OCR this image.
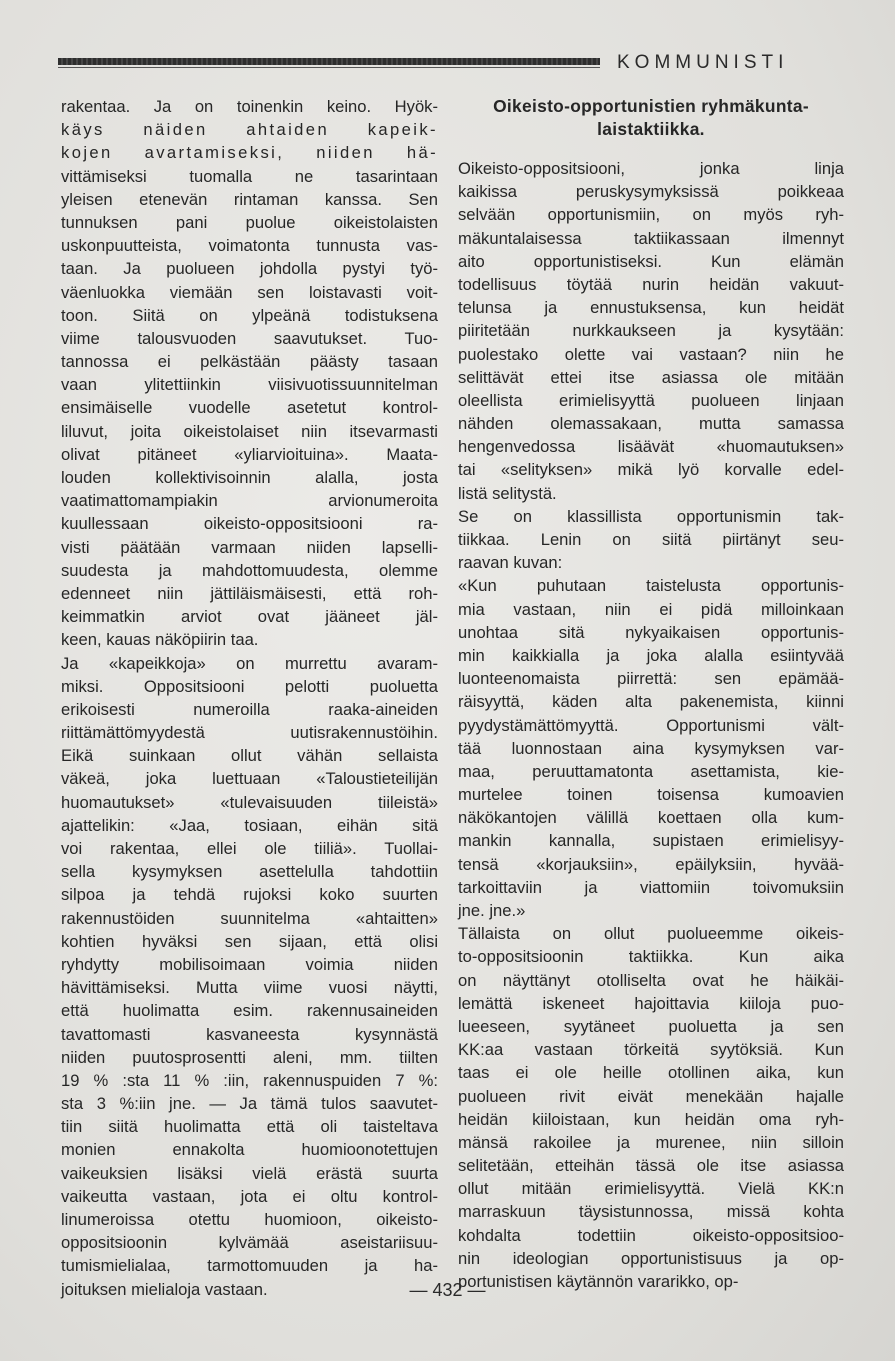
KOMMUNISTI
rakentaa. Ja on toinenkin keino. Hyök-
käys näiden ahtaiden kapeik-
kojen avartamiseksi, niiden hä-
vittämiseksi tuomalla ne tasarintaan
yleisen etenevän rintaman kanssa. Sen
tunnuksen pani puolue oikeistolaisten
uskonpuutteista, voimatonta tunnusta vas-
taan. Ja puolueen johdolla pystyi työ-
väenluokka viemään sen loistavasti voit-
toon. Siitä on ylpeänä todistuksena
viime talousvuoden saavutukset. Tuo-
tannossa ei pelkästään päästy tasaan
vaan ylitettiinkin viisivuotissuunnitelman
ensimäiselle vuodelle asetetut kontrol-
liluvut, joita oikeistolaiset niin itsevarmasti
olivat pitäneet «yliarvioituina». Maata-
louden kollektivisoinnin alalla, josta
vaatimattomampiakin arvionumeroita
kuullessaan oikeisto-oppositsiooni ra-
visti päätään varmaan niiden lapselli-
suudesta ja mahdottomuudesta, olemme
edenneet niin jättiläismäisesti, että roh-
keimmatkin arviot ovat jääneet jäl-
keen, kauas näköpiirin taa.
Ja «kapeikkoja» on murrettu avaram-
miksi. Oppositsiooni pelotti puoluetta
erikoisesti numeroilla raaka-aineiden
riittämättömyydestä uutisrakennustöihin.
Eikä suinkaan ollut vähän sellaista
väkeä, joka luettuaan «Taloustieteilijän
huomautukset» «tulevaisuuden tiileistä»
ajattelikin: «Jaa, tosiaan, eihän sitä
voi rakentaa, ellei ole tiiliä». Tuollai-
sella kysymyksen asettelulla tahdottiin
silpoa ja tehdä rujoksi koko suurten
rakennustöiden suunnitelma «ahtaitten»
kohtien hyväksi sen sijaan, että olisi
ryhdytty mobilisoimaan voimia niiden
hävittämiseksi. Mutta viime vuosi näytti,
että huolimatta esim. rakennusaineiden
tavattomasti kasvaneesta kysynnästä
niiden puutosprosentti aleni, mm. tiilten
19 % :sta 11 % :iin, rakennuspuiden 7 %:
sta 3 %:iin jne. — Ja tämä tulos saavutet-
tiin siitä huolimatta että oli taisteltava
monien ennakolta huomioonotettujen
vaikeuksien lisäksi vielä erästä suurta
vaikeutta vastaan, jota ei oltu kontrol-
linumeroissa otettu huomioon, oikeisto-
oppositsioonin kylvämää aseistariisuu-
tumismielialaa, tarmottomuuden ja ha-
joituksen mielialoja vastaan.
Oikeisto-opportunistien ryhmäkunta-
laistaktiikka.
Oikeisto-oppositsiooni, jonka linja
kaikissa peruskysymyksissä poikkeaa
selvään opportunismiin, on myös ryh-
mäkuntalaisessa taktiikassaan ilmennyt
aito opportunistiseksi. Kun elämän
todellisuus töytää nurin heidän vakuut-
telunsa ja ennustuksensa, kun heidät
piiritetään nurkkaukseen ja kysytään:
puolestako olette vai vastaan? niin he
selittävät ettei itse asiassa ole mitään
oleellista erimielisyyttä puolueen linjaan
nähden olemassakaan, mutta samassa
hengenvedossa lisäävät «huomautuksen»
tai «selityksen» mikä lyö korvalle edel-
listä selitystä.
Se on klassillista opportunismin tak-
tiikkaa. Lenin on siitä piirtänyt seu-
raavan kuvan:
«Kun puhutaan taistelusta opportunis-
mia vastaan, niin ei pidä milloinkaan
unohtaa sitä nykyaikaisen opportunis-
min kaikkialla ja joka alalla esiintyvää
luonteenomaista piirrettä: sen epämää-
räisyyttä, käden alta pakenemista, kiinni
pyydystämättömyyttä. Opportunismi vält-
tää luonnostaan aina kysymyksen var-
maa, peruuttamatonta asettamista, kie-
murtelee toinen toisensa kumoavien
näkökantojen välillä koettaen olla kum-
mankin kannalla, supistaen erimielisyy-
tensä «korjauksiin», epäilyksiin, hyvää-
tarkoittaviin ja viattomiin toivomuksiin
jne. jne.»
Tällaista on ollut puolueemme oikeis-
to-oppositsioonin taktiikka. Kun aika
on näyttänyt otolliselta ovat he häikäi-
lemättä iskeneet hajoittavia kiiloja puo-
lueeseen, syytäneet puoluetta ja sen
KK:aa vastaan törkeitä syytöksiä. Kun
taas ei ole heille otollinen aika, kun
puolueen rivit eivät menekään hajalle
heidän kiiloistaan, kun heidän oma ryh-
mänsä rakoilee ja murenee, niin silloin
selitetään, etteihän tässä ole itse asiassa
ollut mitään erimielisyyttä. Vielä KK:n
marraskuun täysistunnossa, missä kohta
kohdalta todettiin oikeisto-oppositsioo-
nin ideologian opportunistisuus ja op-
portunistisen käytännön vararikko, op-
— 432 —
